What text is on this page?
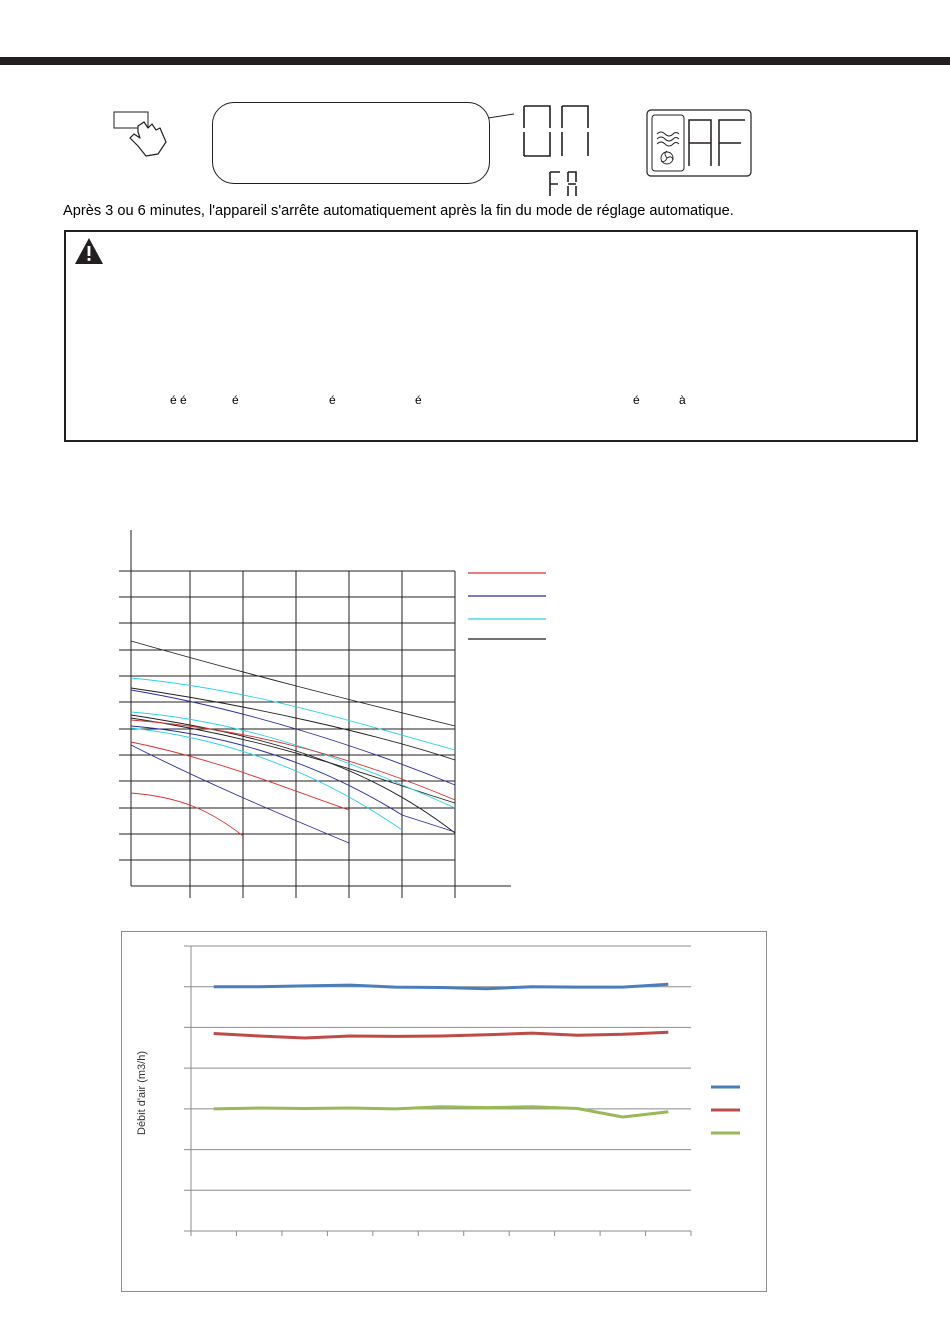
AF
Après 3 ou 6 minutes, l'appareil s'arrête automatiquement après la fin du mode de réglage automatique.
é é	é	é	é	é	à
Débit d'air (m3/h)
